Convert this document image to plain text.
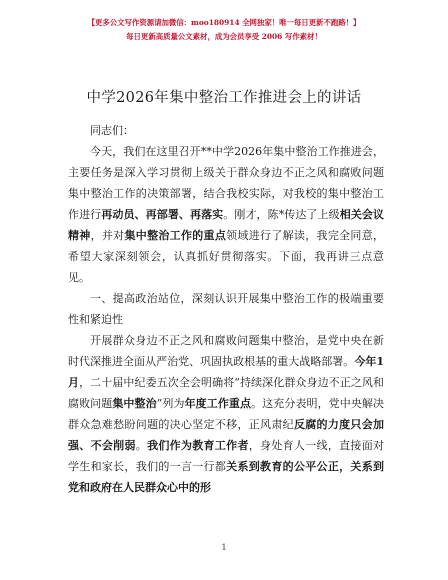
【更多公文写作资源请加微信：moo180914 全网独家！唯一每日更新不跑路！】
每日更新高质量公文素材，成为会员享受 2006 写作素材！
中学2026年集中整治工作推进会上的讲话

同志们：

今天，我们在这里召开**中学2026年集中整治工作推进会，主要任务是深入学习贯彻上级关于群众身边不正之风和腐败问题集中整治工作的决策部署，结合我校实际，对我校的集中整治工作进行再动员、再部署、再落实。刚才，陈*传达了上级相关会议精神，并对集中整治工作的重点领域进行了解读，我完全同意，希望大家深刻领会，认真抓好贯彻落实。下面，我再讲三点意见。

一、提高政治站位，深刻认识开展集中整治工作的极端重要性和紧迫性

开展群众身边不正之风和腐败问题集中整治，是党中央在新时代深推进全面从严治党、巩固执政根基的重大战略部署。今年1月，二十届中纪委五次全会明确将“持续深化群众身边不正之风和腐败问题集中整治”列为年度工作重点。这充分表明，党中央解决群众急难愁盼问题的决心坚定不移，正风肃纪反腐的力度只会加强、不会削弱。我们作为教育工作者，身处育人一线，直接面对学生和家长，我们的一言一行都关系到教育的公平公正，关系到党和政府在人民群众心中的形

1
